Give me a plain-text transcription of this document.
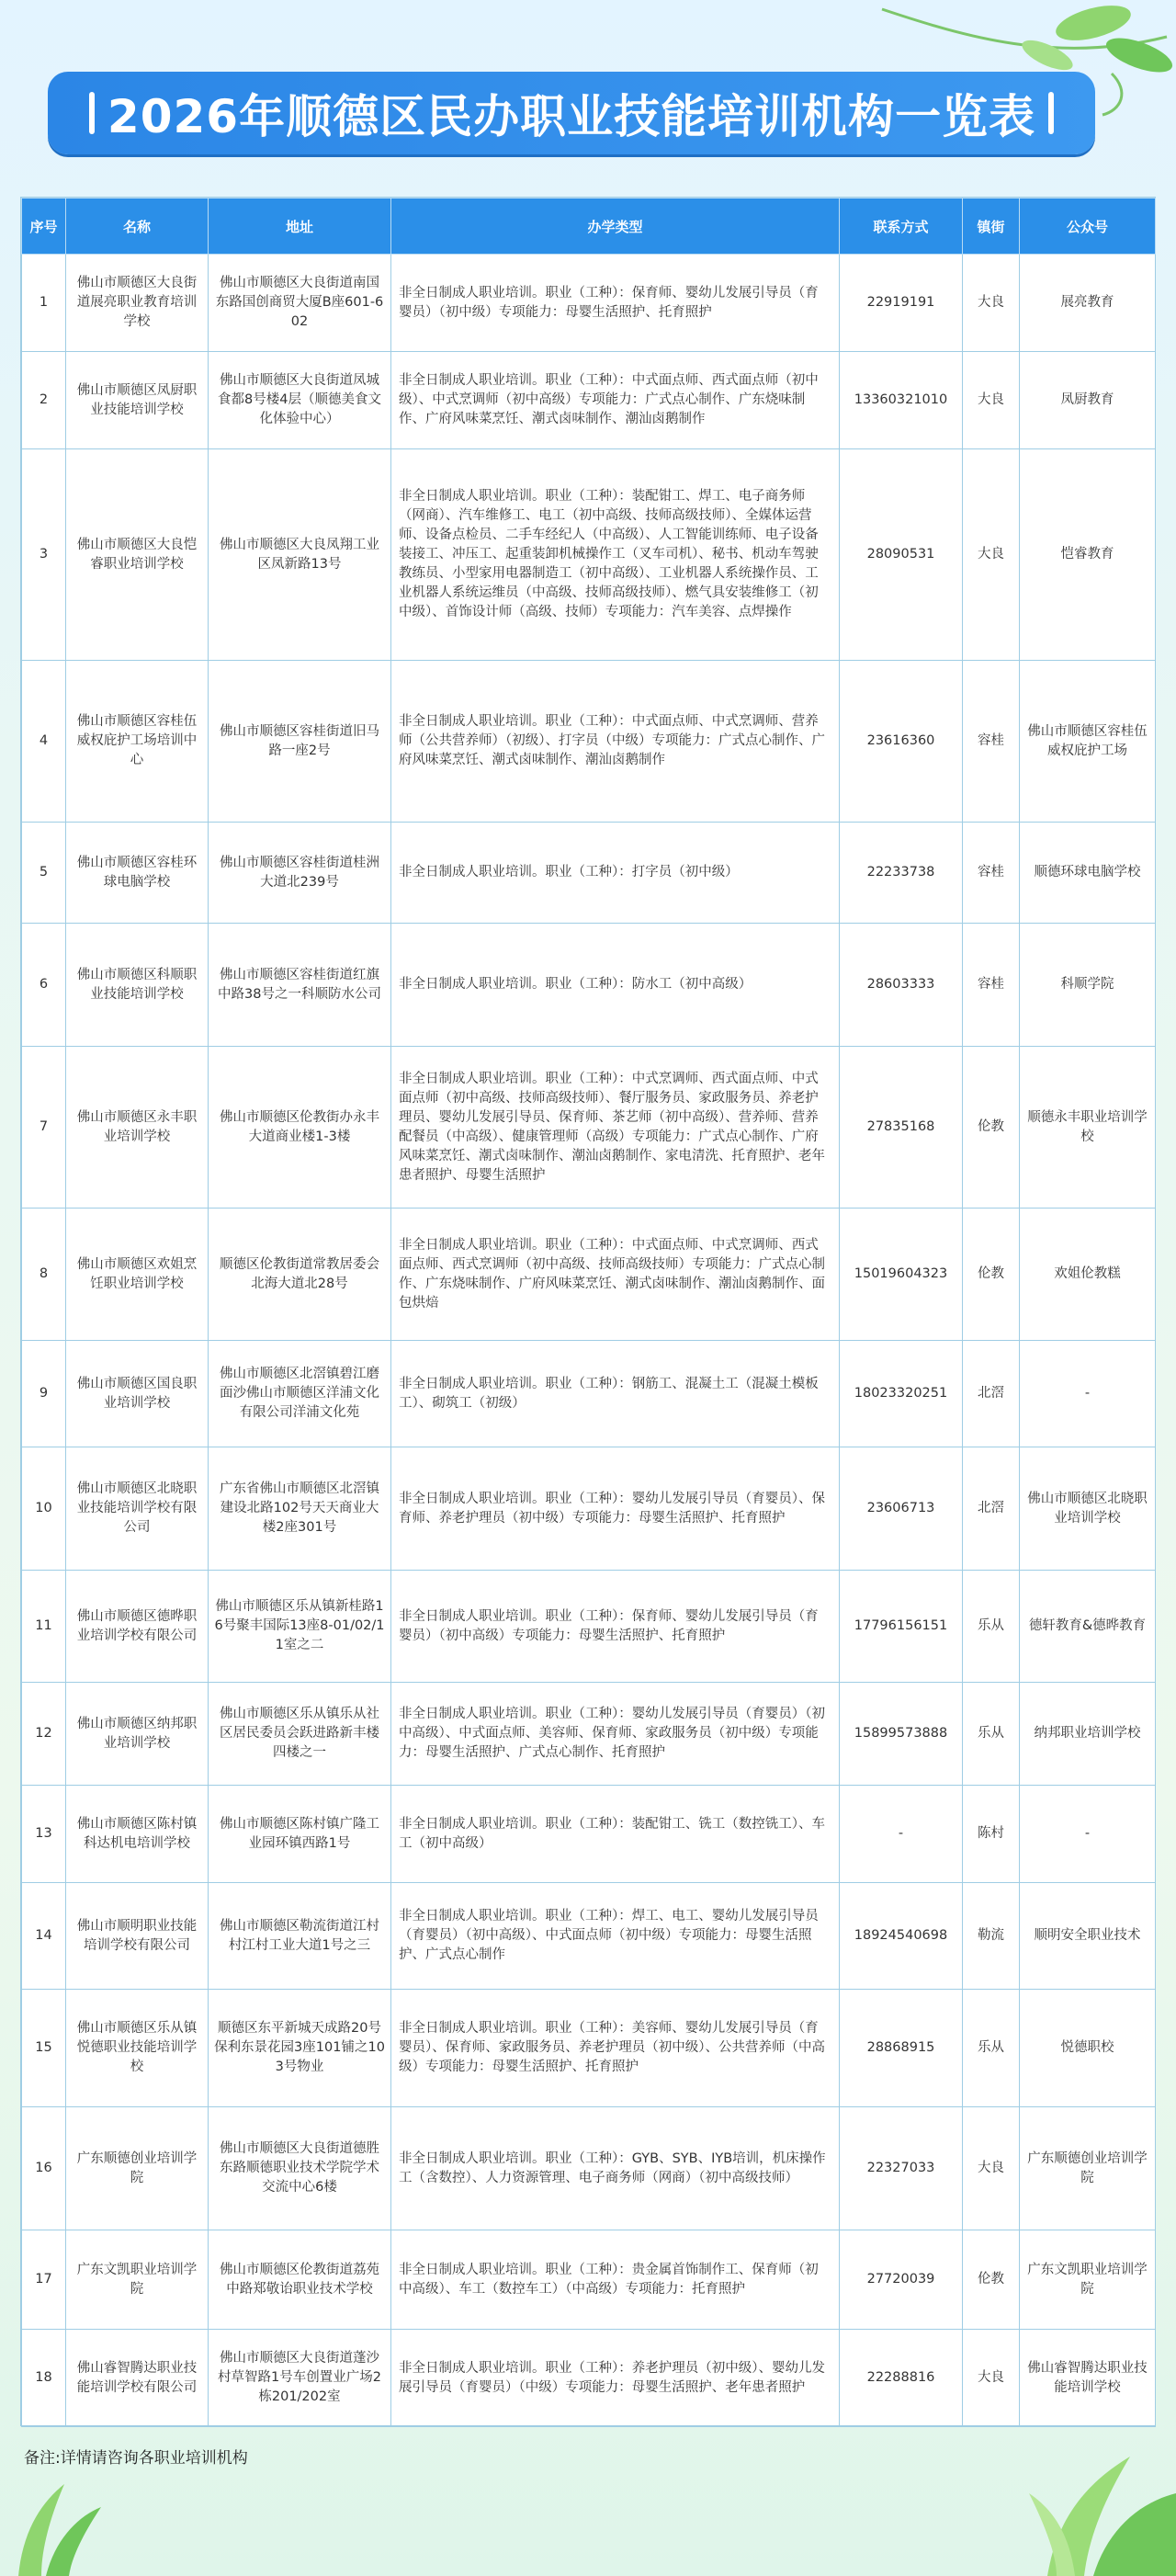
2026年顺德区民办职业技能培训机构一览表
序号	名称	地址	办学类型	联系方式	镇街	公众号
1	佛山市顺德区大良街道展亮职业教育培训学校	佛山市顺德区大良街道南国东路国创商贸大厦B座601-602	非全日制成人职业培训。职业（工种）：保育师、婴幼儿发展引导员（育婴员）（初中级）专项能力：母婴生活照护、托育照护	22919191	大良	展亮教育
2	佛山市顺德区凤厨职业技能培训学校	佛山市顺德区大良街道凤城食都8号楼4层（顺德美食文化体验中心）	非全日制成人职业培训。职业（工种）：中式面点师、西式面点师（初中级）、中式烹调师（初中高级）专项能力：广式点心制作、广东烧味制作、广府风味菜烹饪、潮式卤味制作、潮汕卤鹅制作	13360321010	大良	凤厨教育
3	佛山市顺德区大良恺睿职业培训学校	佛山市顺德区大良凤翔工业区凤新路13号	非全日制成人职业培训。职业（工种）：装配钳工、焊工、电子商务师（网商）、汽车维修工、电工（初中高级、技师高级技师）、全媒体运营师、设备点检员、二手车经纪人（中高级）、人工智能训练师、电子设备装接工、冲压工、起重装卸机械操作工（叉车司机）、秘书、机动车驾驶教练员、小型家用电器制造工（初中高级）、工业机器人系统操作员、工业机器人系统运维员（中高级、技师高级技师）、燃气具安装维修工（初中级）、首饰设计师（高级、技师）专项能力：汽车美容、点焊操作	28090531	大良	恺睿教育
4	佛山市顺德区容桂伍威权庇护工场培训中心	佛山市顺德区容桂街道旧马路一座2号	非全日制成人职业培训。职业（工种）：中式面点师、中式烹调师、营养师（公共营养师）（初级）、打字员（中级）专项能力：广式点心制作、广府风味菜烹饪、潮式卤味制作、潮汕卤鹅制作	23616360	容桂	佛山市顺德区容桂伍威权庇护工场
5	佛山市顺德区容桂环球电脑学校	佛山市顺德区容桂街道桂洲大道北239号	非全日制成人职业培训。职业（工种）：打字员（初中级）	22233738	容桂	顺德环球电脑学校
6	佛山市顺德区科顺职业技能培训学校	佛山市顺德区容桂街道红旗中路38号之一科顺防水公司	非全日制成人职业培训。职业（工种）：防水工（初中高级）	28603333	容桂	科顺学院
7	佛山市顺德区永丰职业培训学校	佛山市顺德区伦教街办永丰大道商业楼1-3楼	非全日制成人职业培训。职业（工种）：中式烹调师、西式面点师、中式面点师（初中高级、技师高级技师）、餐厅服务员、家政服务员、养老护理员、婴幼儿发展引导员、保育师、茶艺师（初中高级）、营养师、营养配餐员（中高级）、健康管理师（高级）专项能力：广式点心制作、广府风味菜烹饪、潮式卤味制作、潮汕卤鹅制作、家电清洗、托育照护、老年患者照护、母婴生活照护	27835168	伦教	顺德永丰职业培训学校
8	佛山市顺德区欢姐烹饪职业培训学校	顺德区伦教街道常教居委会北海大道北28号	非全日制成人职业培训。职业（工种）：中式面点师、中式烹调师、西式面点师、西式烹调师（初中高级、技师高级技师）专项能力：广式点心制作、广东烧味制作、广府风味菜烹饪、潮式卤味制作、潮汕卤鹅制作、面包烘焙	15019604323	伦教	欢姐伦教糕
9	佛山市顺德区国良职业培训学校	佛山市顺德区北滘镇碧江磨面沙佛山市顺德区洋浦文化有限公司洋浦文化苑	非全日制成人职业培训。职业（工种）：钢筋工、混凝土工（混凝土模板工）、砌筑工（初级）	18023320251	北滘	-
10	佛山市顺德区北晓职业技能培训学校有限公司	广东省佛山市顺德区北滘镇建设北路102号天天商业大楼2座301号	非全日制成人职业培训。职业（工种）：婴幼儿发展引导员（育婴员）、保育师、养老护理员（初中级）专项能力：母婴生活照护、托育照护	23606713	北滘	佛山市顺德区北晓职业培训学校
11	佛山市顺德区德晔职业培训学校有限公司	佛山市顺德区乐从镇新桂路16号聚丰国际13座8-01/02/11室之二	非全日制成人职业培训。职业（工种）：保育师、婴幼儿发展引导员（育婴员）（初中高级）专项能力：母婴生活照护、托育照护	17796156151	乐从	德轩教育&德晔教育
12	佛山市顺德区纳邦职业培训学校	佛山市顺德区乐从镇乐从社区居民委员会跃进路新丰楼四楼之一	非全日制成人职业培训。职业（工种）：婴幼儿发展引导员（育婴员）（初中高级）、中式面点师、美容师、保育师、家政服务员（初中级）专项能力：母婴生活照护、广式点心制作、托育照护	15899573888	乐从	纳邦职业培训学校
13	佛山市顺德区陈村镇科达机电培训学校	佛山市顺德区陈村镇广隆工业园环镇西路1号	非全日制成人职业培训。职业（工种）：装配钳工、铣工（数控铣工）、车工（初中高级）	-	陈村	-
14	佛山市顺明职业技能培训学校有限公司	佛山市顺德区勒流街道江村村江村工业大道1号之三	非全日制成人职业培训。职业（工种）：焊工、电工、婴幼儿发展引导员（育婴员）（初中高级）、中式面点师（初中级）专项能力：母婴生活照护、广式点心制作	18924540698	勒流	顺明安全职业技术
15	佛山市顺德区乐从镇悦德职业技能培训学校	顺德区东平新城天成路20号保利东景花园3座101铺之103号物业	非全日制成人职业培训。职业（工种）：美容师、婴幼儿发展引导员（育婴员）、保育师、家政服务员、养老护理员（初中级）、公共营养师（中高级）专项能力：母婴生活照护、托育照护	28868915	乐从	悦德职校
16	广东顺德创业培训学院	佛山市顺德区大良街道德胜东路顺德职业技术学院学术交流中心6楼	非全日制成人职业培训。职业（工种）：GYB、SYB、IYB培训，机床操作工（含数控）、人力资源管理、电子商务师（网商）（初中高级技师）	22327033	大良	广东顺德创业培训学院
17	广东文凯职业培训学院	佛山市顺德区伦教街道荔苑中路郑敬诒职业技术学校	非全日制成人职业培训。职业（工种）：贵金属首饰制作工、保育师（初中高级）、车工（数控车工）（中高级）专项能力：托育照护	27720039	伦教	广东文凯职业培训学院
18	佛山睿智腾达职业技能培训学校有限公司	佛山市顺德区大良街道蓬沙村草智路1号车创置业广场2栋201/202室	非全日制成人职业培训。职业（工种）：养老护理员（初中级）、婴幼儿发展引导员（育婴员）（中级）专项能力：母婴生活照护、老年患者照护	22288816	大良	佛山睿智腾达职业技能培训学校
备注:详情请咨询各职业培训机构
